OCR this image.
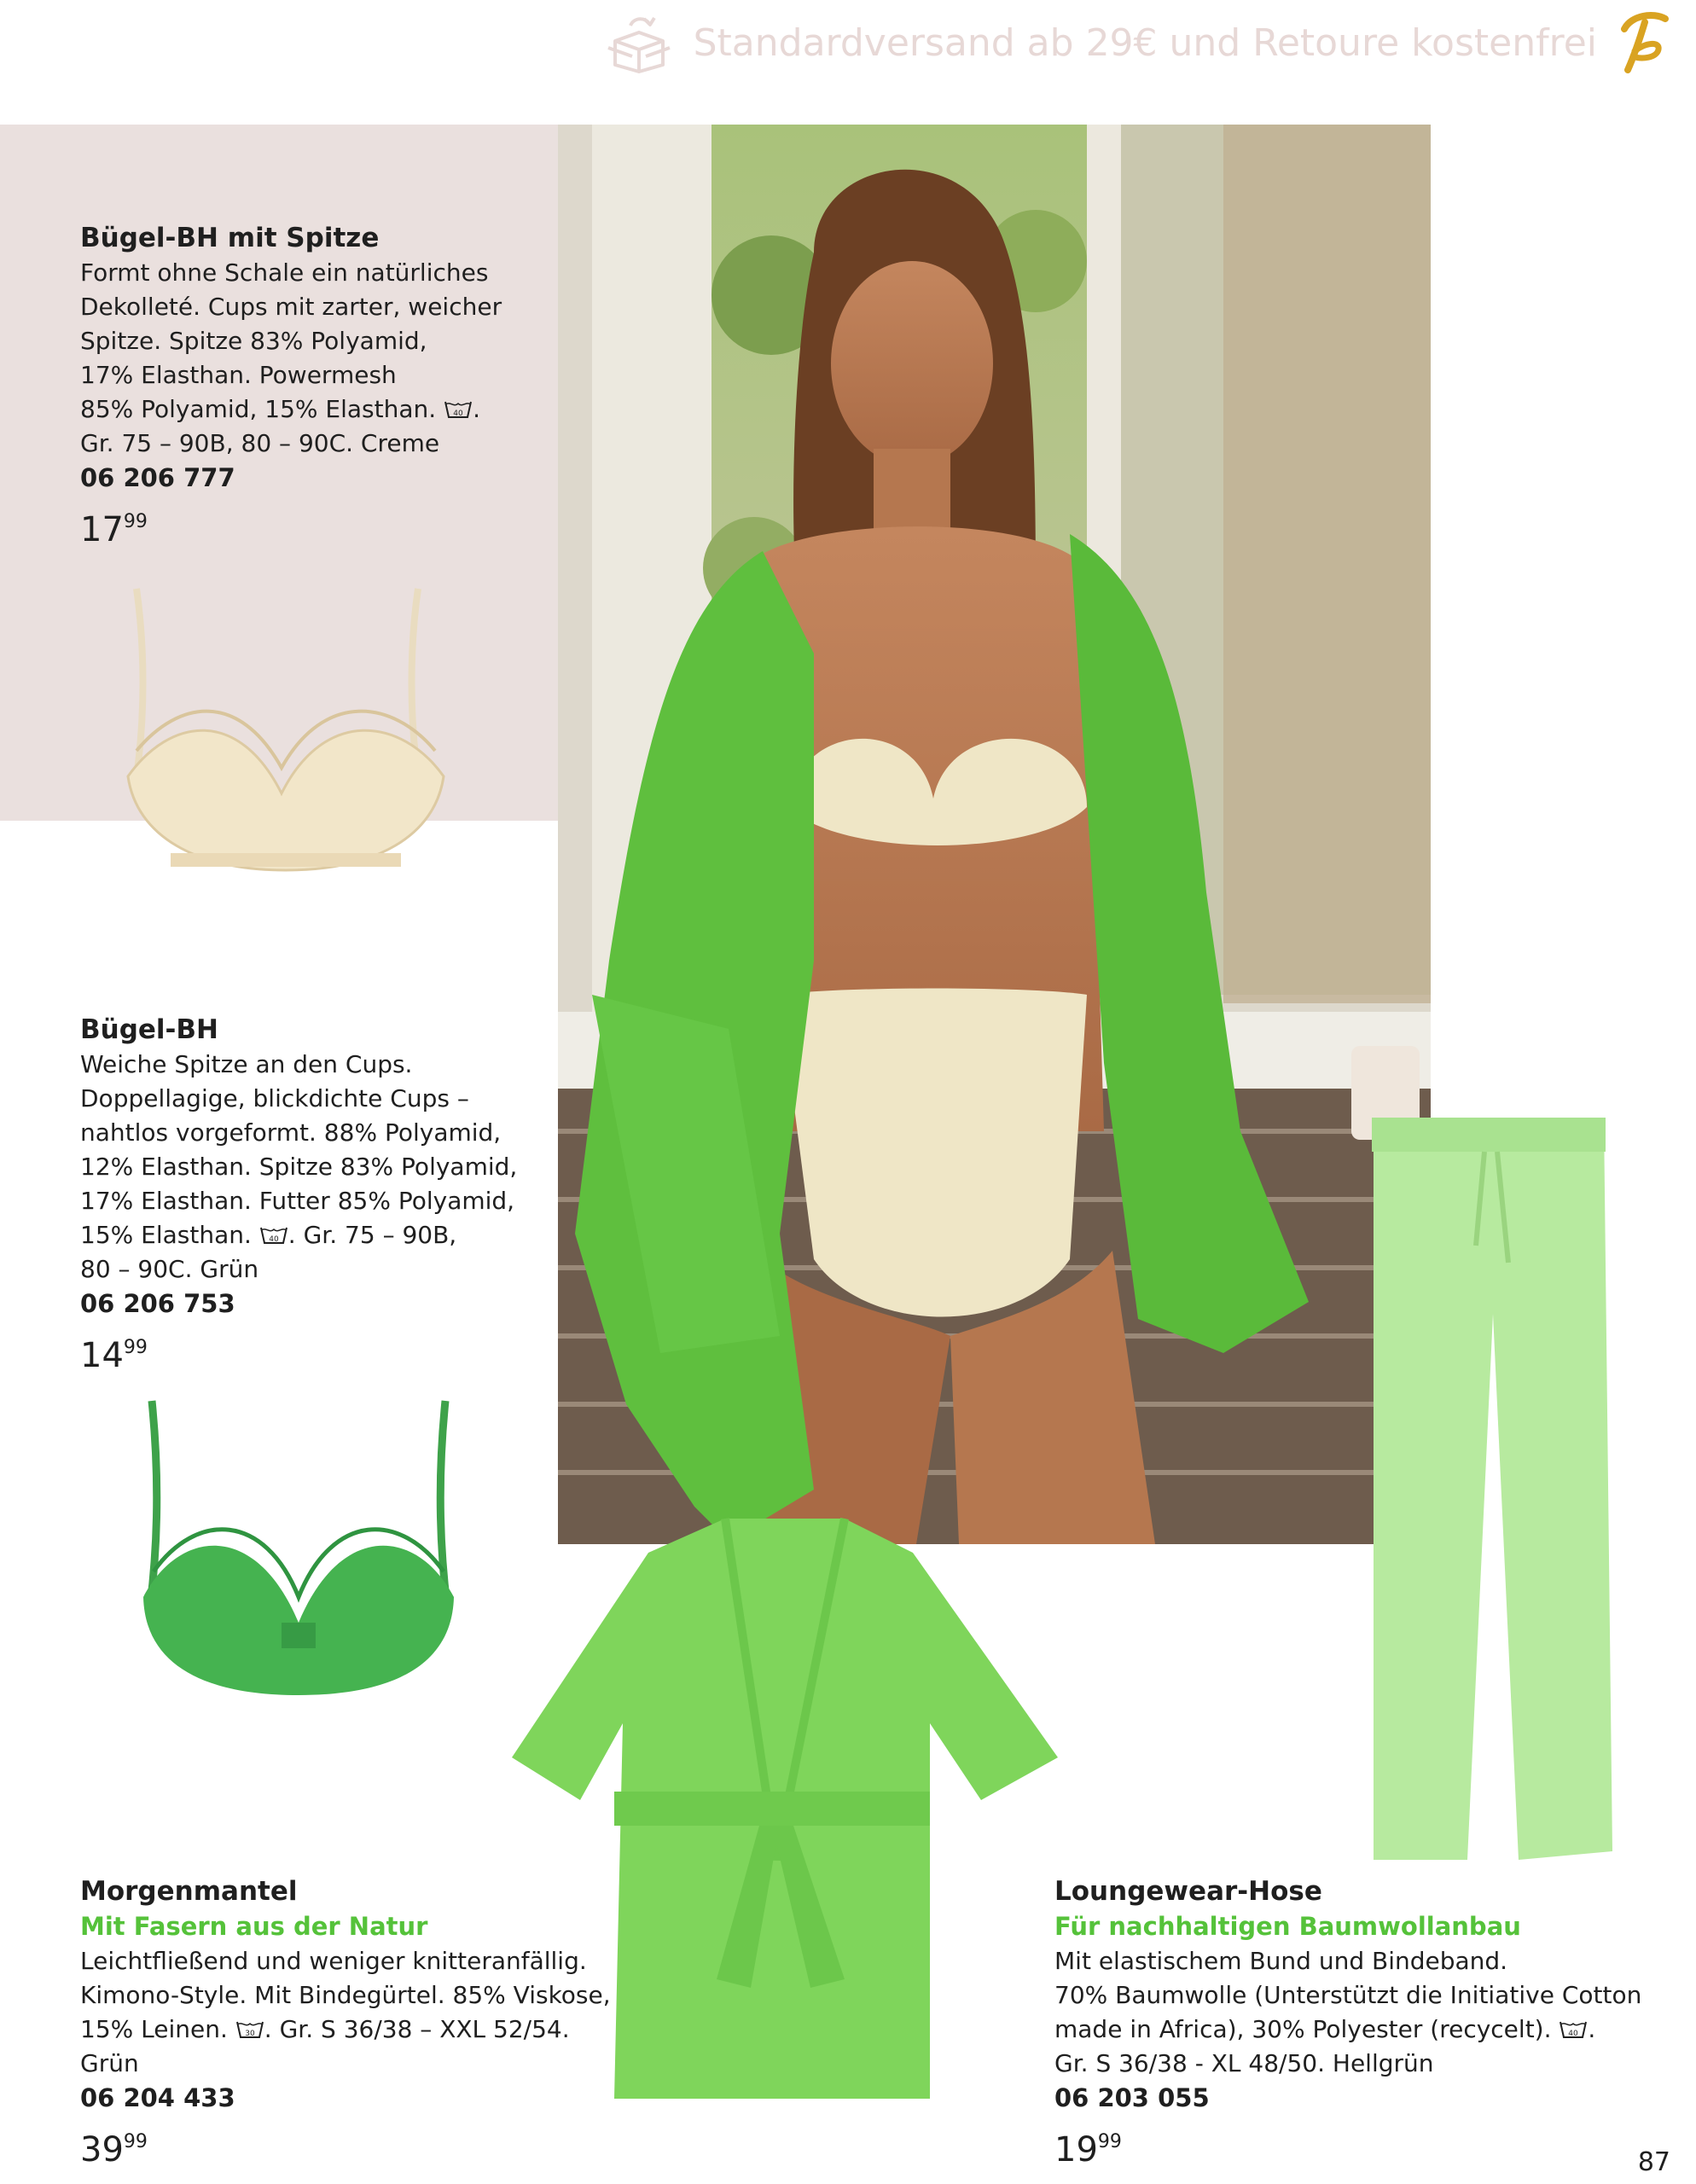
Standardversand ab 29€ und Retoure kostenfrei
Bügel-BH mit Spitze
Formt ohne Schale ein natürliches
Dekolleté. Cups mit zarter, weicher
Spitze. Spitze 83% Polyamid,
17% Elasthan. Powermesh
85% Polyamid, 15% Elasthan. 40 .
Gr. 75 – 90B, 80 – 90C. Creme
06 206 777
$17^{99}$
Bügel-BH
Weiche Spitze an den Cups.
Doppellagige, blickdichte Cups –
nahtlos vorgeformt. 88% Polyamid,
12% Elasthan. Spitze 83% Polyamid,
17% Elasthan. Futter 85% Polyamid,
15% Elasthan. 40 . Gr. 75 – 90B,
80 – 90C. Grün
06 206 753
$14^{99}$
Morgenmantel
Mit Fasern aus der Natur
Leichtfließend und weniger knitteranfällig.
Kimono-Style. Mit Bindegürtel. 85% Viskose,
15% Leinen. 30 . Gr. S 36/38 – XXL 52/54.
Grün
06 204 433
$39^{99}$
Loungewear-Hose
Für nachhaltigen Baumwollanbau
Mit elastischem Bund und Bindeband.
70% Baumwolle (Unterstützt die Initiative Cotton
made in Africa), 30% Polyester (recycelt). 40 .
Gr. S 36/38 - XL 48/50. Hellgrün
06 203 055
$19^{99}$
87
